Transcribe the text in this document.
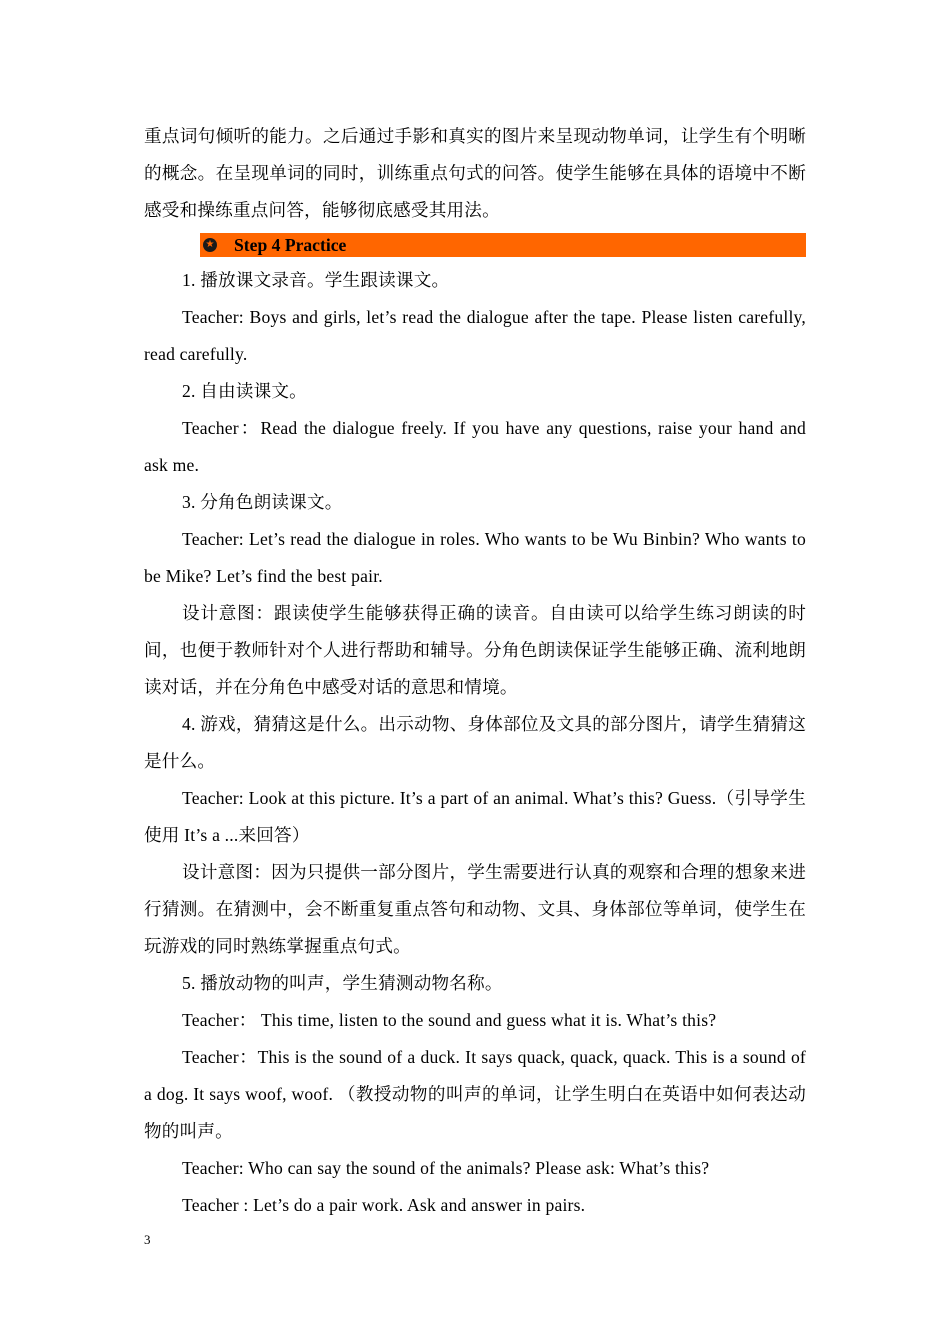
重点词句倾听的能力。之后通过手影和真实的图片来呈现动物单词，让学生有个明晰的概念。在呈现单词的同时，训练重点句式的问答。使学生能够在具体的语境中不断感受和操练重点问答，能够彻底感受其用法。

★ Step 4 Practice

1. 播放课文录音。学生跟读课文。

Teacher: Boys and girls, let’s read the dialogue after the tape. Please listen carefully, read carefully.

2. 自由读课文。

Teacher：Read the dialogue freely. If you have any questions, raise your hand and ask me.

3. 分角色朗读课文。

Teacher: Let’s read the dialogue in roles. Who wants to be Wu Binbin? Who wants to be Mike? Let’s find the best pair.

设计意图：跟读使学生能够获得正确的读音。自由读可以给学生练习朗读的时间，也便于教师针对个人进行帮助和辅导。分角色朗读保证学生能够正确、流利地朗读对话，并在分角色中感受对话的意思和情境。

4. 游戏，猜猜这是什么。出示动物、身体部位及文具的部分图片，请学生猜猜这是什么。

Teacher: Look at this picture. It’s a part of an animal. What’s this? Guess.（引导学生使用 It’s a ...来回答）

设计意图：因为只提供一部分图片，学生需要进行认真的观察和合理的想象来进行猜测。在猜测中，会不断重复重点答句和动物、文具、身体部位等单词，使学生在玩游戏的同时熟练掌握重点句式。

5. 播放动物的叫声，学生猜测动物名称。

Teacher： This time, listen to the sound and guess what it is. What’s this?

Teacher：This is the sound of a duck. It says quack, quack, quack. This is a sound of a dog. It says woof, woof. （教授动物的叫声的单词，让学生明白在英语中如何表达动物的叫声。

Teacher: Who can say the sound of the animals? Please ask: What’s this?

Teacher : Let’s do a pair work. Ask and answer in pairs.

3
